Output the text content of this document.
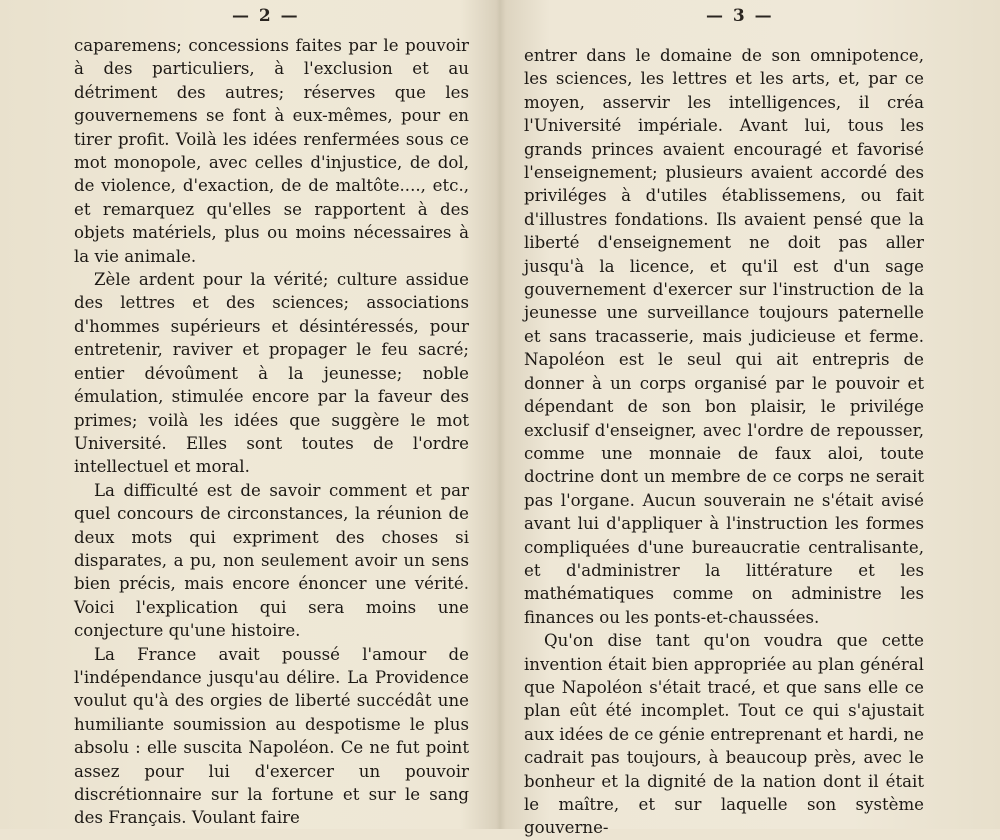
— 2 —

caparemens; concessions faites par le pouvoir à des particuliers, à l'exclusion et au détriment des autres; réserves que les gouvernemens se font à eux-mêmes, pour en tirer profit. Voilà les idées renfermées sous ce mot monopole, avec celles d'injustice, de dol, de violence, d'exaction, de de maltôte...., etc., et remarquez qu'elles se rapportent à des objets matériels, plus ou moins nécessaires à la vie animale.

Zèle ardent pour la vérité; culture assidue des lettres et des sciences; associations d'hommes supérieurs et désintéressés, pour entretenir, raviver et propager le feu sacré; entier dévoûment à la jeunesse; noble émulation, stimulée encore par la faveur des primes; voilà les idées que suggère le mot Université. Elles sont toutes de l'ordre intellectuel et moral.

La difficulté est de savoir comment et par quel concours de circonstances, la réunion de deux mots qui expriment des choses si disparates, a pu, non seulement avoir un sens bien précis, mais encore énoncer une vérité. Voici l'explication qui sera moins une conjecture qu'une histoire.

La France avait poussé l'amour de l'indépendance jusqu'au délire. La Providence voulut qu'à des orgies de liberté succédât une humiliante soumission au despotisme le plus absolu : elle suscita Napoléon. Ce ne fut point assez pour lui d'exercer un pouvoir discrétionnaire sur la fortune et sur le sang des Français. Voulant faire

— 3 —

entrer dans le domaine de son omnipotence, les sciences, les lettres et les arts, et, par ce moyen, asservir les intelligences, il créa l'Université impériale. Avant lui, tous les grands princes avaient encouragé et favorisé l'enseignement; plusieurs avaient accordé des priviléges à d'utiles établissemens, ou fait d'illustres fondations. Ils avaient pensé que la liberté d'enseignement ne doit pas aller jusqu'à la licence, et qu'il est d'un sage gouvernement d'exercer sur l'instruction de la jeunesse une surveillance toujours paternelle et sans tracasserie, mais judicieuse et ferme. Napoléon est le seul qui ait entrepris de donner à un corps organisé par le pouvoir et dépendant de son bon plaisir, le privilége exclusif d'enseigner, avec l'ordre de repousser, comme une monnaie de faux aloi, toute doctrine dont un membre de ce corps ne serait pas l'organe. Aucun souverain ne s'était avisé avant lui d'appliquer à l'instruction les formes compliquées d'une bureaucratie centralisante, et d'administrer la littérature et les mathématiques comme on administre les finances ou les ponts-et-chaussées.

Qu'on dise tant qu'on voudra que cette invention était bien appropriée au plan général que Napoléon s'était tracé, et que sans elle ce plan eût été incomplet. Tout ce qui s'ajustait aux idées de ce génie entreprenant et hardi, ne cadrait pas toujours, à beaucoup près, avec le bonheur et la dignité de la nation dont il était le maître, et sur laquelle son système gouverne-
